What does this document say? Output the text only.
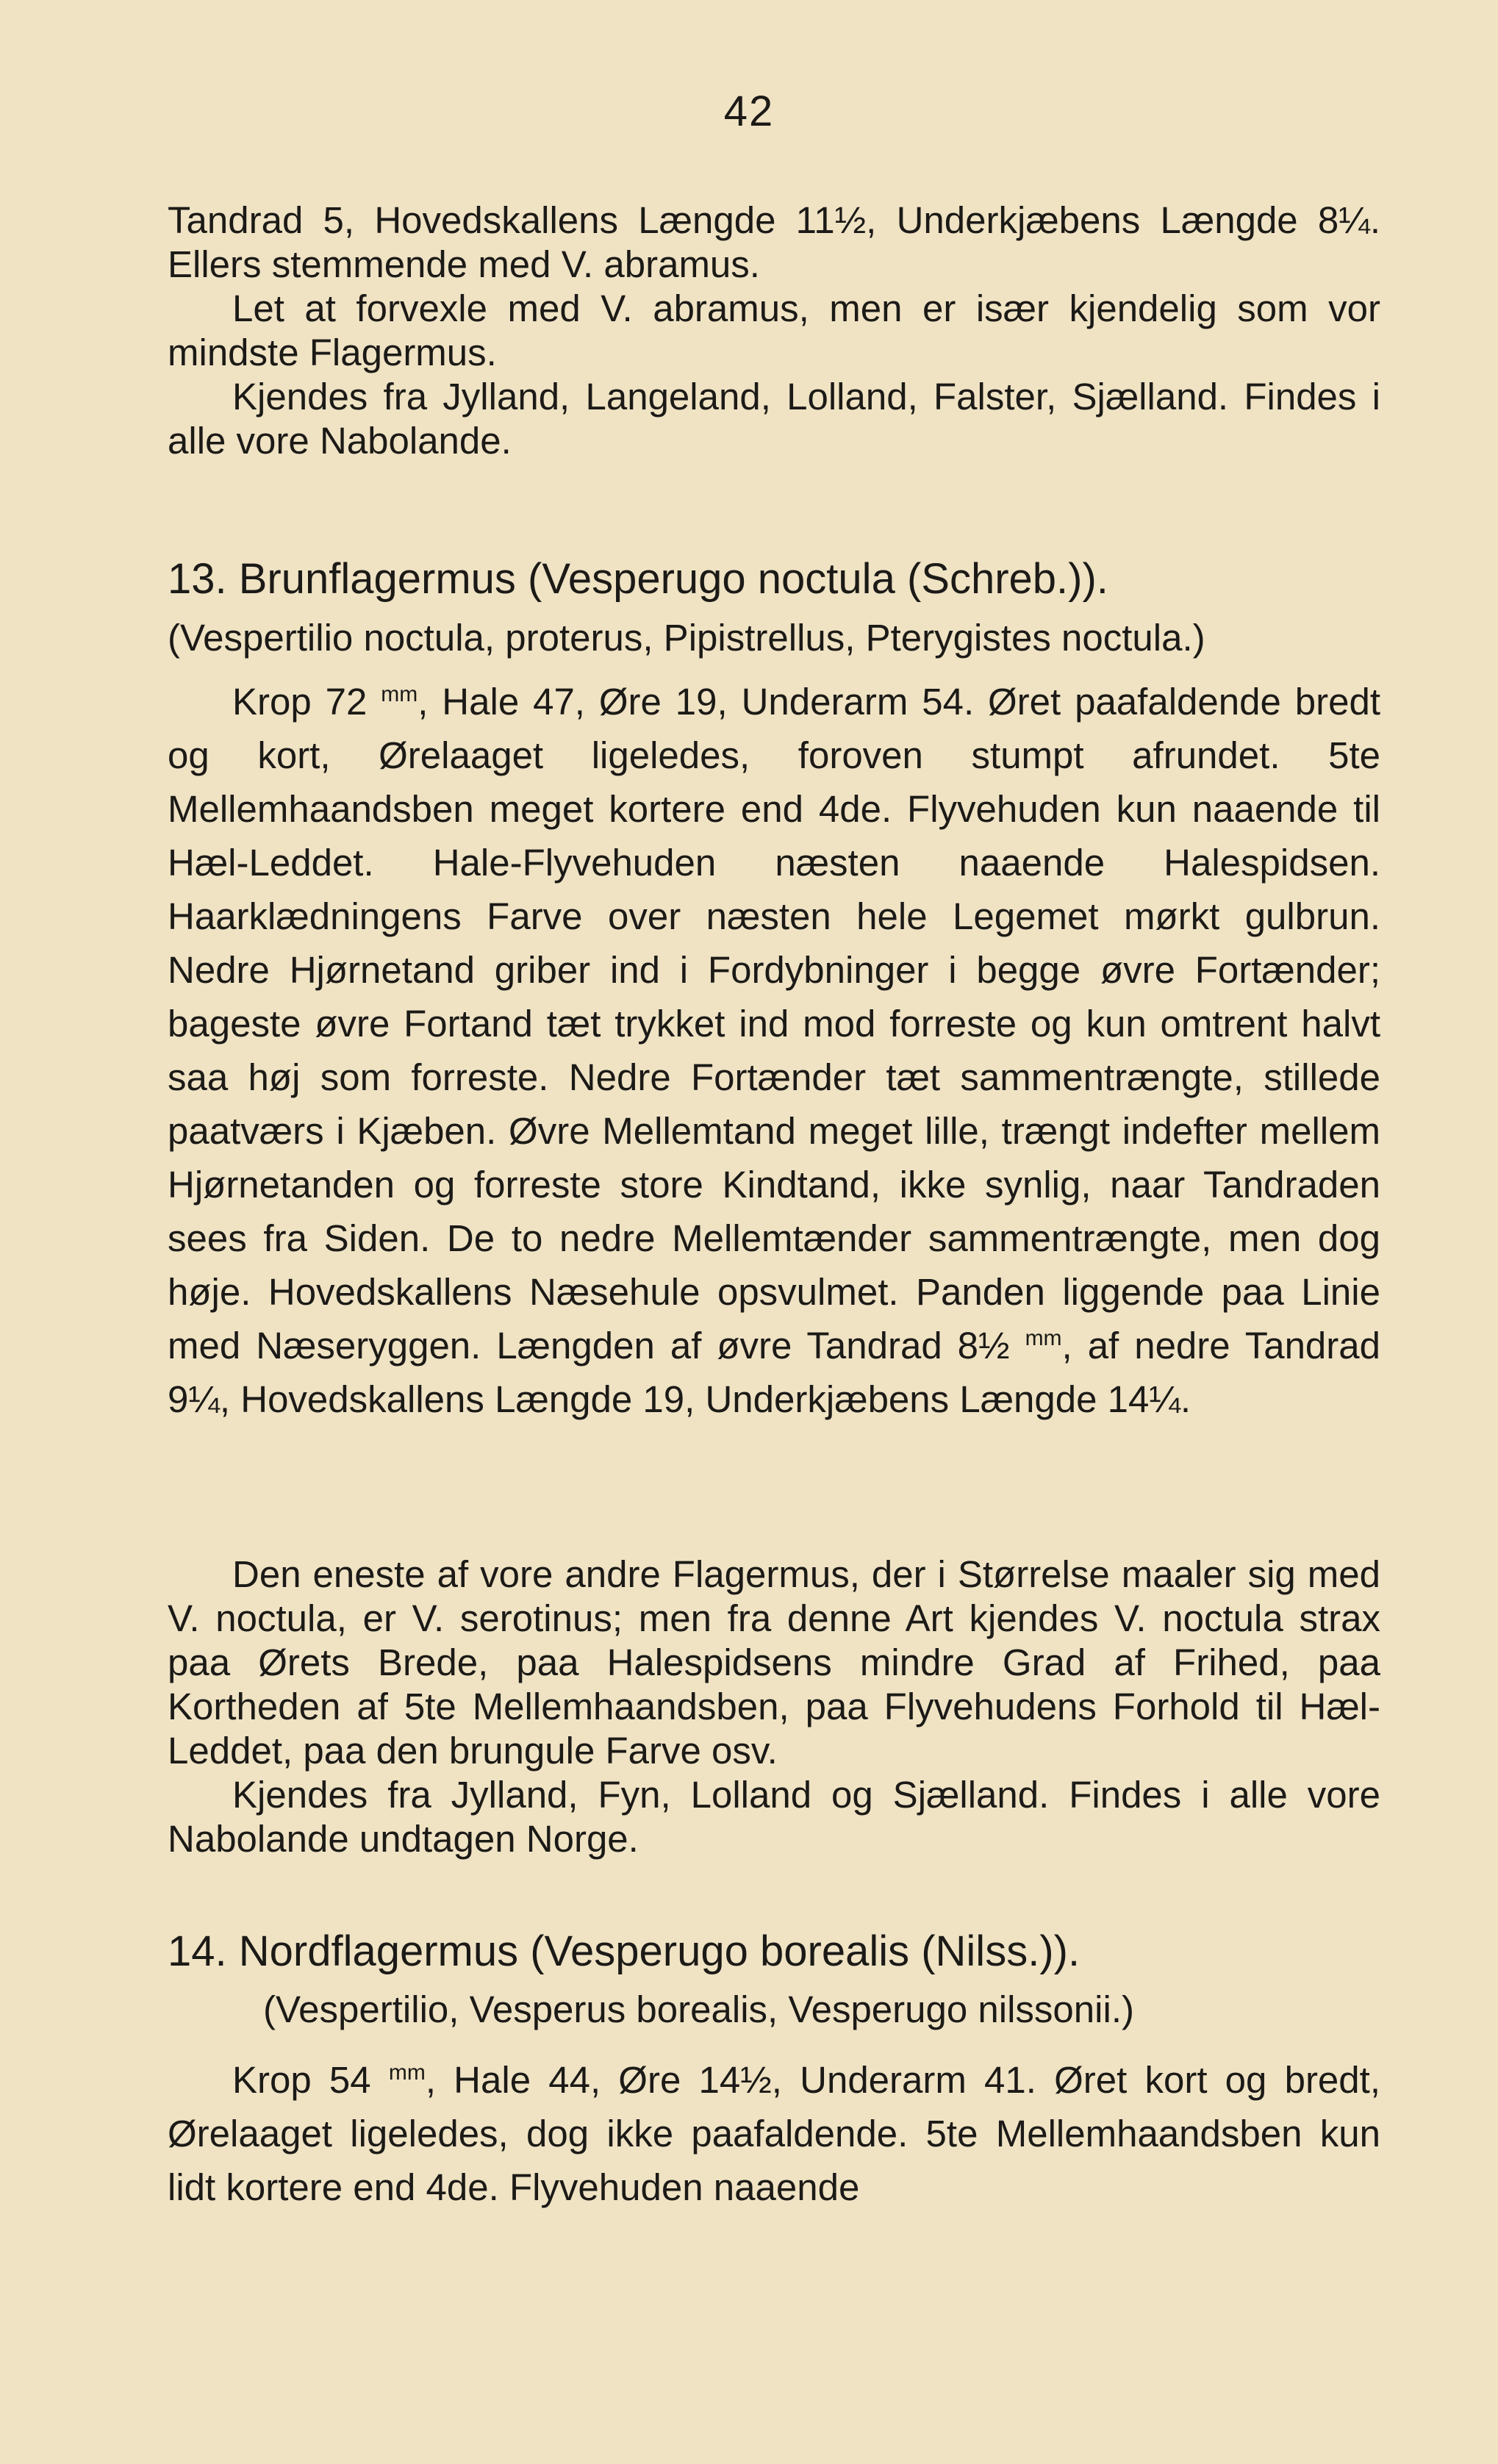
42

Tandrad 5, Hovedskallens Længde 11½, Underkjæbens Længde 8¼. Ellers stemmende med V. abramus.

Let at forvexle med V. abramus, men er især kjendelig som vor mindste Flagermus.

Kjendes fra Jylland, Langeland, Lolland, Falster, Sjælland. Findes i alle vore Nabolande.

13. Brunflagermus (Vesperugo noctula (Schreb.)).
(Vespertilio noctula, proterus, Pipistrellus, Pterygistes noctula.)

Krop 72 $^{mm}$, Hale 47, Øre 19, Underarm 54. Øret paafaldende bredt og kort, Ørelaaget ligeledes, foroven stumpt afrundet. 5te Mellemhaandsben meget kortere end 4de. Flyvehuden kun naaende til Hæl-Leddet. Hale-Flyvehuden næsten naaende Halespidsen. Haarklædningens Farve over næsten hele Legemet mørkt gulbrun. Nedre Hjørnetand griber ind i Fordybninger i begge øvre Fortænder; bageste øvre Fortand tæt trykket ind mod forreste og kun omtrent halvt saa høj som forreste. Nedre Fortænder tæt sammentrængte, stillede paatværs i Kjæben. Øvre Mellemtand meget lille, trængt indefter mellem Hjørnetanden og forreste store Kindtand, ikke synlig, naar Tandraden sees fra Siden. De to nedre Mellemtænder sammentrængte, men dog høje. Hovedskallens Næsehule opsvulmet. Panden liggende paa Linie med Næseryggen. Længden af øvre Tandrad 8½ $^{mm}$, af nedre Tandrad 9¼, Hovedskallens Længde 19, Underkjæbens Længde 14¼.

Den eneste af vore andre Flagermus, der i Størrelse maaler sig med V. noctula, er V. serotinus; men fra denne Art kjendes V. noctula strax paa Ørets Brede, paa Halespidsens mindre Grad af Frihed, paa Kortheden af 5te Mellemhaandsben, paa Flyvehudens Forhold til Hæl-Leddet, paa den brungule Farve osv.

Kjendes fra Jylland, Fyn, Lolland og Sjælland. Findes i alle vore Nabolande undtagen Norge.

14. Nordflagermus (Vesperugo borealis (Nilss.)).
(Vespertilio, Vesperus borealis, Vesperugo nilssonii.)

Krop 54 $^{mm}$, Hale 44, Øre 14½, Underarm 41. Øret kort og bredt, Ørelaaget ligeledes, dog ikke paafaldende. 5te Mellemhaandsben kun lidt kortere end 4de. Flyvehuden naaende
